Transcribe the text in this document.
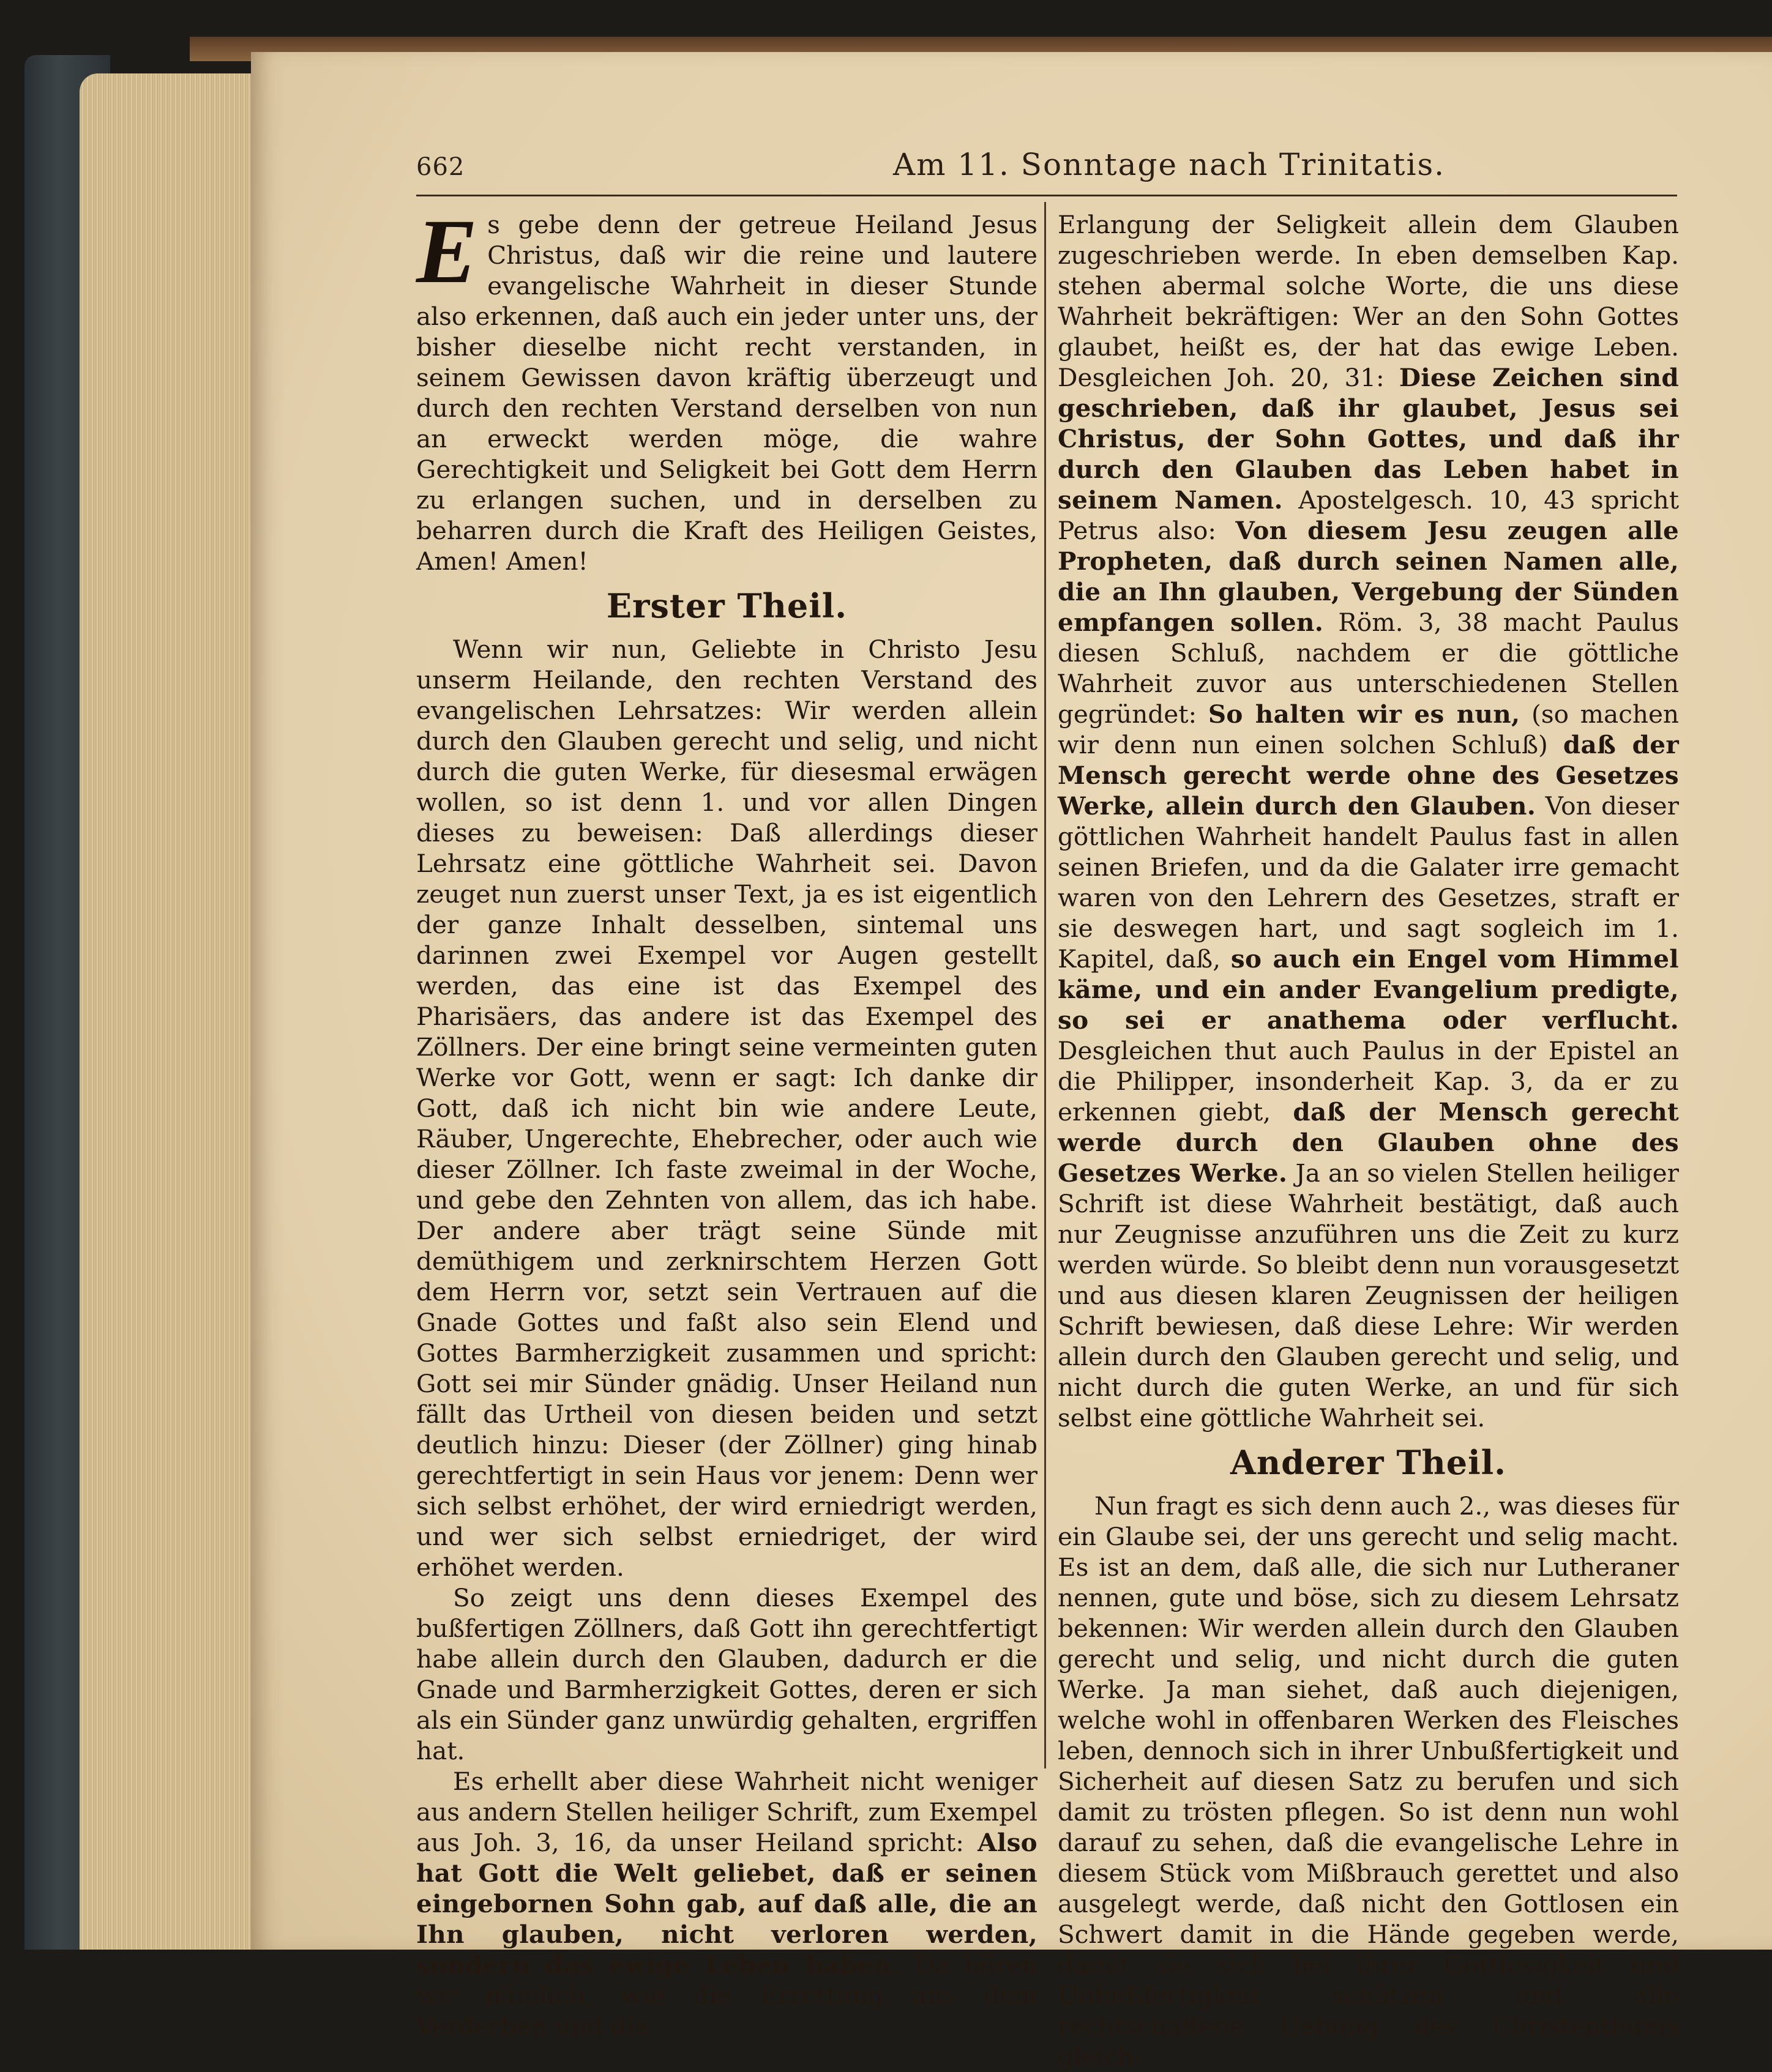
662	Am 11. Sonntage nach Trinitatis.

Es gebe denn der getreue Heiland Jesus Christus, daß wir die reine und lautere evangelische Wahrheit in dieser Stunde also erkennen, daß auch ein jeder unter uns, der bisher dieselbe nicht recht verstanden, in seinem Gewissen davon kräftig überzeugt und durch den rechten Verstand derselben von nun an erweckt werden möge, die wahre Gerechtigkeit und Seligkeit bei Gott dem Herrn zu erlangen suchen, und in derselben zu beharren durch die Kraft des Heiligen Geistes, Amen! Amen!

Erster Theil.

Wenn wir nun, Geliebte in Christo Jesu unserm Heilande, den rechten Verstand des evangelischen Lehrsatzes: Wir werden allein durch den Glauben gerecht und selig, und nicht durch die guten Werke, für diesesmal erwägen wollen, so ist denn 1. und vor allen Dingen dieses zu beweisen: Daß allerdings dieser Lehrsatz eine göttliche Wahrheit sei. Davon zeuget nun zuerst unser Text, ja es ist eigentlich der ganze Inhalt desselben, sintemal uns darinnen zwei Exempel vor Augen gestellt werden, das eine ist das Exempel des Pharisäers, das andere ist das Exempel des Zöllners. Der eine bringt seine vermeinten guten Werke vor Gott, wenn er sagt: Ich danke dir Gott, daß ich nicht bin wie andere Leute, Räuber, Ungerechte, Ehebrecher, oder auch wie dieser Zöllner. Ich faste zweimal in der Woche, und gebe den Zehnten von allem, das ich habe. Der andere aber trägt seine Sünde mit demüthigem und zerknirschtem Herzen Gott dem Herrn vor, setzt sein Vertrauen auf die Gnade Gottes und faßt also sein Elend und Gottes Barmherzigkeit zusammen und spricht: Gott sei mir Sünder gnädig. Unser Heiland nun fällt das Urtheil von diesen beiden und setzt deutlich hinzu: Dieser (der Zöllner) ging hinab gerechtfertigt in sein Haus vor jenem: Denn wer sich selbst erhöhet, der wird erniedrigt werden, und wer sich selbst erniedriget, der wird erhöhet werden.

So zeigt uns denn dieses Exempel des bußfertigen Zöllners, daß Gott ihn gerechtfertigt habe allein durch den Glauben, dadurch er die Gnade und Barmherzigkeit Gottes, deren er sich als ein Sünder ganz unwürdig gehalten, ergriffen hat.

Es erhellt aber diese Wahrheit nicht weniger aus andern Stellen heiliger Schrift, zum Exempel aus Joh. 3, 16, da unser Heiland spricht: Also hat Gott die Welt geliebet, daß er seinen eingebornen Sohn gab, auf daß alle, die an Ihn glauben, nicht verloren werden, sondern das ewige Leben haben. Da hören wir nämlich, wie die Errettung aus dem Verderben und die

Erlangung der Seligkeit allein dem Glauben zugeschrieben werde. In eben demselben Kap. stehen abermal solche Worte, die uns diese Wahrheit bekräftigen: Wer an den Sohn Gottes glaubet, heißt es, der hat das ewige Leben. Desgleichen Joh. 20, 31: Diese Zeichen sind geschrieben, daß ihr glaubet, Jesus sei Christus, der Sohn Gottes, und daß ihr durch den Glauben das Leben habet in seinem Namen. Apostelgesch. 10, 43 spricht Petrus also: Von diesem Jesu zeugen alle Propheten, daß durch seinen Namen alle, die an Ihn glauben, Vergebung der Sünden empfangen sollen. Röm. 3, 38 macht Paulus diesen Schluß, nachdem er die göttliche Wahrheit zuvor aus unterschiedenen Stellen gegründet: So halten wir es nun, (so machen wir denn nun einen solchen Schluß) daß der Mensch gerecht werde ohne des Gesetzes Werke, allein durch den Glauben. Von dieser göttlichen Wahrheit handelt Paulus fast in allen seinen Briefen, und da die Galater irre gemacht waren von den Lehrern des Gesetzes, straft er sie deswegen hart, und sagt sogleich im 1. Kapitel, daß, so auch ein Engel vom Himmel käme, und ein ander Evangelium predigte, so sei er anathema oder verflucht. Desgleichen thut auch Paulus in der Epistel an die Philipper, insonderheit Kap. 3, da er zu erkennen giebt, daß der Mensch gerecht werde durch den Glauben ohne des Gesetzes Werke. Ja an so vielen Stellen heiliger Schrift ist diese Wahrheit bestätigt, daß auch nur Zeugnisse anzuführen uns die Zeit zu kurz werden würde. So bleibt denn nun vorausgesetzt und aus diesen klaren Zeugnissen der heiligen Schrift bewiesen, daß diese Lehre: Wir werden allein durch den Glauben gerecht und selig, und nicht durch die guten Werke, an und für sich selbst eine göttliche Wahrheit sei.

Anderer Theil.

Nun fragt es sich denn auch 2., was dieses für ein Glaube sei, der uns gerecht und selig macht. Es ist an dem, daß alle, die sich nur Lutheraner nennen, gute und böse, sich zu diesem Lehrsatz bekennen: Wir werden allein durch den Glauben gerecht und selig, und nicht durch die guten Werke. Ja man siehet, daß auch diejenigen, welche wohl in offenbaren Werken des Fleisches leben, dennoch sich in ihrer Unbußfertigkeit und Sicherheit auf diesen Satz zu berufen und sich damit zu trösten pflegen. So ist denn nun wohl darauf zu sehen, daß die evangelische Lehre in diesem Stück vom Mißbrauch gerettet und also ausgelegt werde, daß nicht den Gottlosen ein Schwert damit in die Hände gegeben werde, damit sie sich bei ihrer Gottlosigkeit und Unbußfertigkeit schützen und alle rechtschaffene Uebung des Christenthums gleich-
